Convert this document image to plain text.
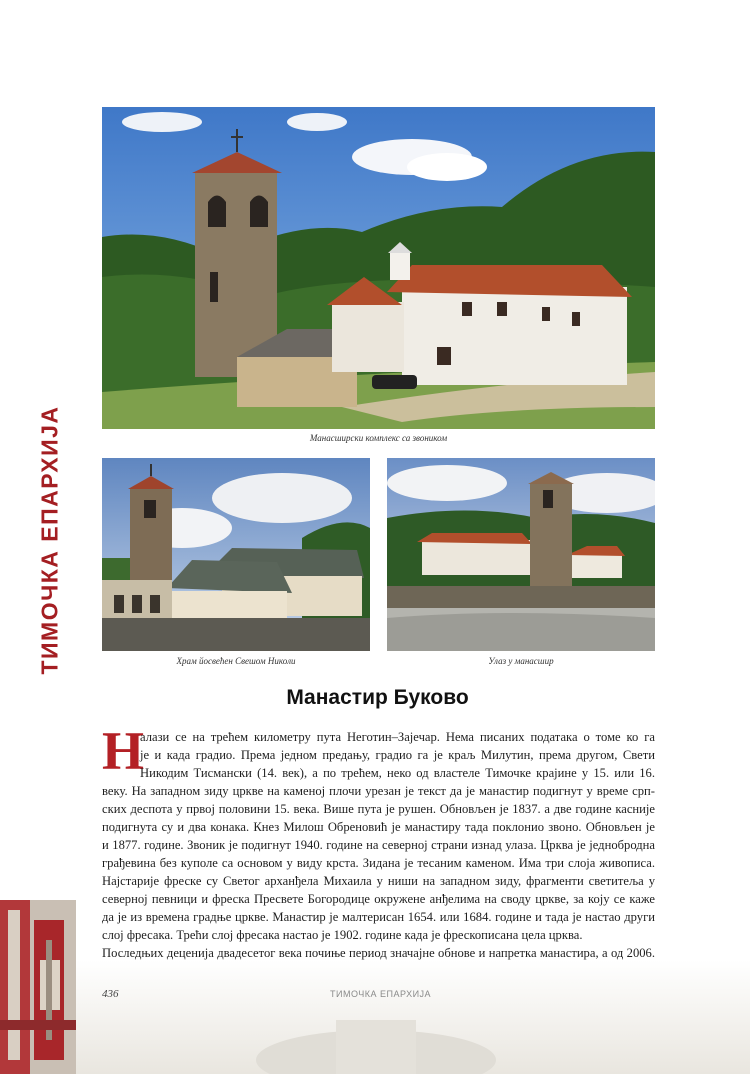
Манасширски комплекс са звоником
Храм йосвећен Свешом Николи	Улаз у манасшир
ТИМОЧКА ЕПАРХИЈА
Манастир Буково
Н
алази се на трећем километру пута Неготин–Зајечар. Нема писаних података о томе ко га
је и када градио. Према једном предању, градио га је краљ Милутин, према другом, Свети
Никодим Тисмански (14. век), а по трећем, неко од властеле Тимочке крајине у 15. или 16.
веку. На западном зиду цркве на каменој плочи урезан је текст да је манастир подигнут у време срп-
ских деспота у првој половини 15. века. Више пута је рушен. Обновљен је 1837. а две године касније
подигнута су и два конака. Кнез Милош Обреновић је манастиру тада поклонио звоно. Обновљен је
и 1877. године. Звоник је подигнут 1940. године на северној страни изнад улаза. Црква је једнобродна
грађевина без куполе са основом у виду крста. Зидана је тесаним каменом. Има три слоја живописа.
Најстарије фреске су Светог арханђела Михаила у ниши на западном зиду, фрагменти светитеља у
северној певници и фреска Пресвете Богородице окружене анђелима на своду цркве, за коју се каже
да је из времена градње цркве. Манастир је малтерисан 1654. или 1684. године и тада је настао други
слој фресака. Трећи слој фресака настао је 1902. године када је фрескописана цела црква.
Последњих деценија двадесетог века почиње период значајне обнове и напретка манастира, а од 2006.
436	ТИМОЧКА ЕПАРХИЈА
